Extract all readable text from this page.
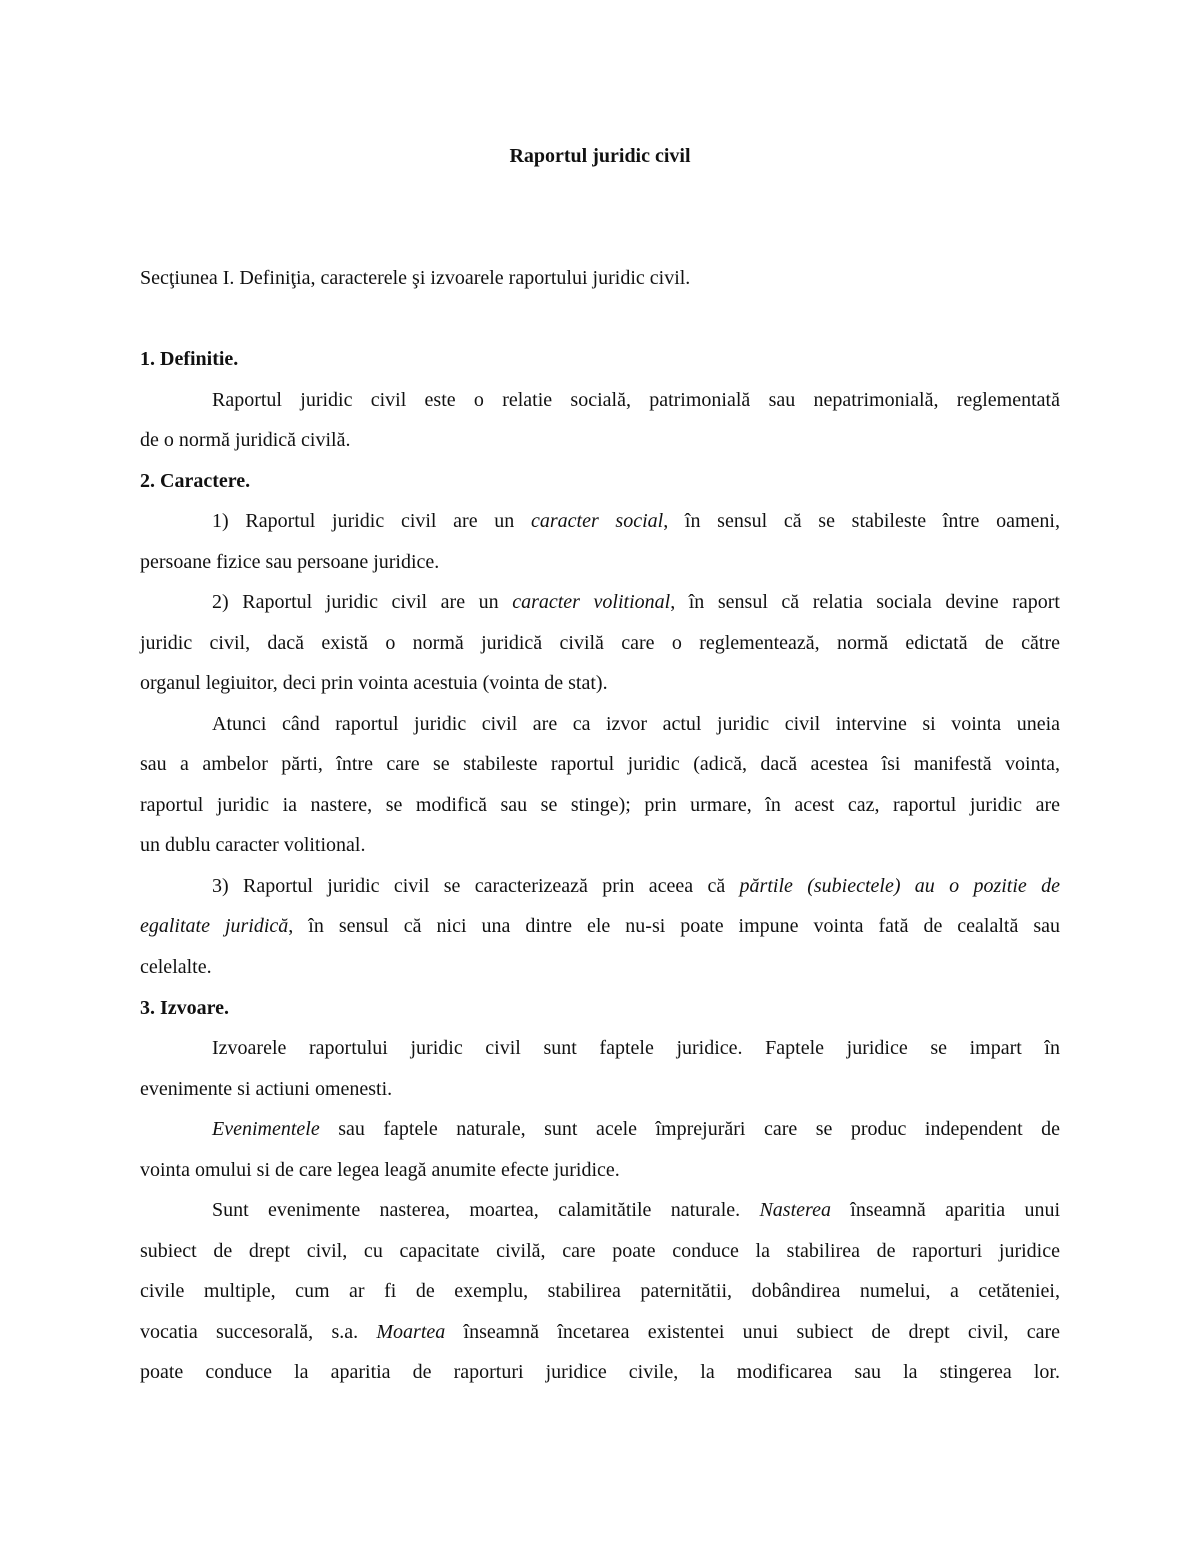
Raportul juridic civil
Secţiunea I. Definiţia, caracterele şi izvoarele raportului juridic civil.
1. Definitie.
Raportul juridic civil este o relatie socială, patrimonială sau nepatrimonială, reglementată
de o normă juridică civilă.
2. Caractere.
1) Raportul juridic civil are un caracter social, în sensul că se stabileste între oameni,
persoane fizice sau persoane juridice.
2) Raportul juridic civil are un caracter volitional, în sensul că relatia sociala devine raport
juridic civil, dacă există o normă juridică civilă care o reglementează, normă edictată de către
organul legiuitor, deci prin vointa acestuia (vointa de stat).
Atunci când raportul juridic civil are ca izvor actul juridic civil intervine si vointa uneia
sau a ambelor părti, între care se stabileste raportul juridic (adică, dacă acestea îsi manifestă vointa,
raportul juridic ia nastere, se modifică sau se stinge); prin urmare, în acest caz, raportul juridic are
un dublu caracter volitional.
3) Raportul juridic civil se caracterizează prin aceea că părtile (subiectele) au o pozitie de
egalitate juridică, în sensul că nici una dintre ele nu-si poate impune vointa fată de cealaltă sau
celelalte.
3. Izvoare.
Izvoarele raportului juridic civil sunt faptele juridice. Faptele juridice se impart în
evenimente si actiuni omenesti.
Evenimentele sau faptele naturale, sunt acele împrejurări care se produc independent de
vointa omului si de care legea leagă anumite efecte juridice.
Sunt evenimente nasterea, moartea, calamitătile naturale. Nasterea înseamnă aparitia unui
subiect de drept civil, cu capacitate civilă, care poate conduce la stabilirea de raporturi juridice
civile multiple, cum ar fi de exemplu, stabilirea paternitătii, dobândirea numelui, a cetăteniei,
vocatia succesorală, s.a. Moartea înseamnă încetarea existentei unui subiect de drept civil, care
poate conduce la aparitia de raporturi juridice civile, la modificarea sau la stingerea lor.
